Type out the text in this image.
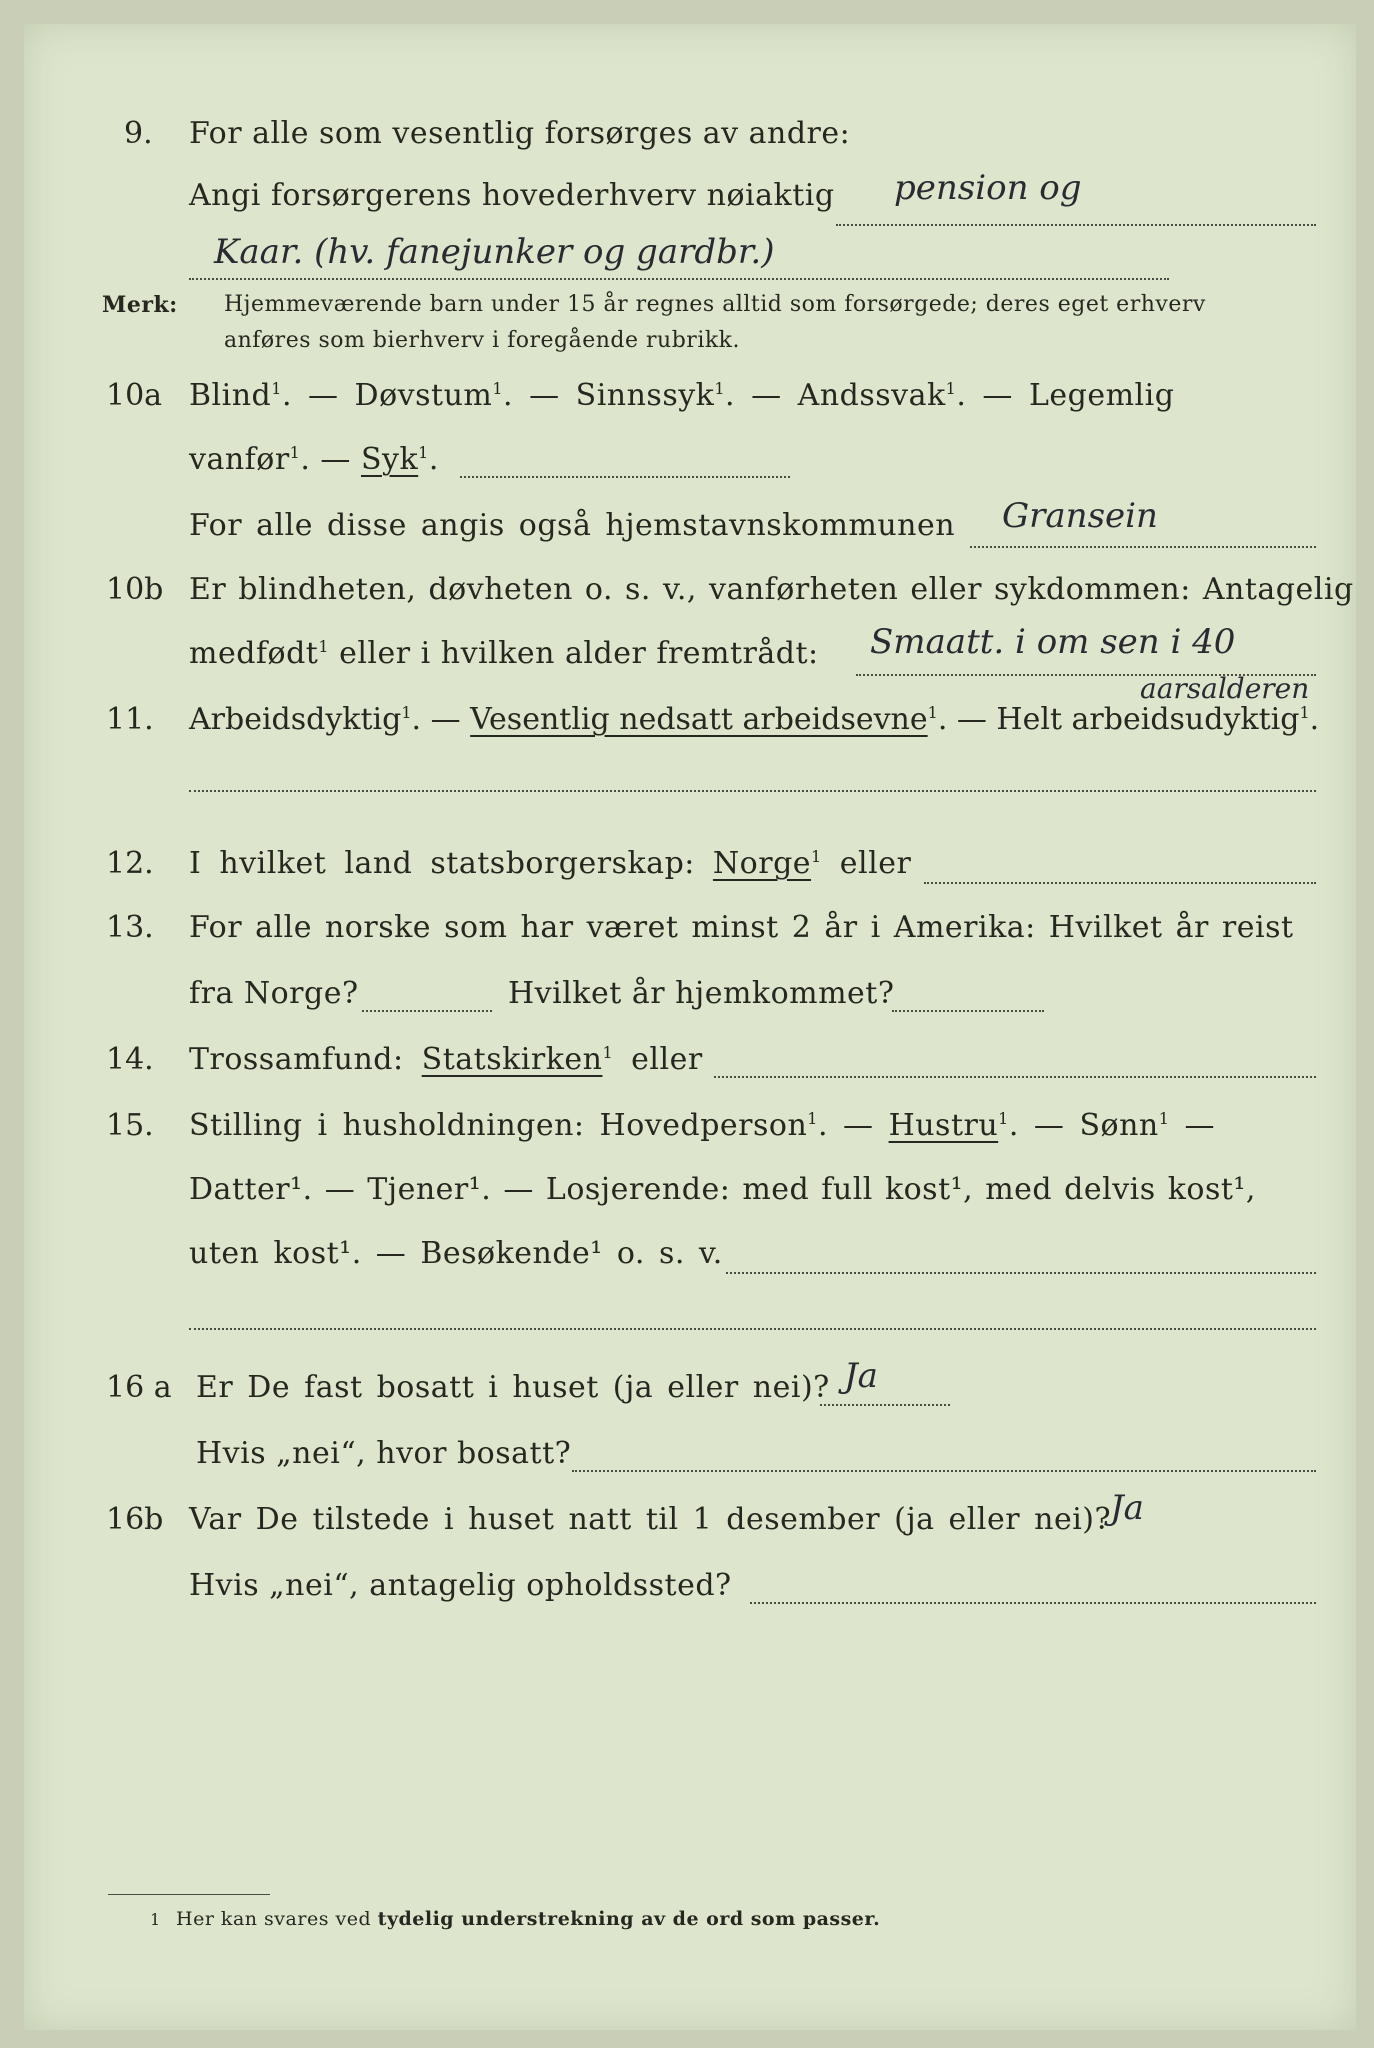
9. For alle som vesentlig forsørges av andre:
Angi forsørgerens hovederhverv nøiaktig pension og
Kaar. (hv. fanejunker og gardbr.)
Merk: Hjemmeværende barn under 15 år regnes alltid som forsørgede; deres eget erhverv
anføres som bierhverv i foregående rubrikk.
10a Blind$^1$. — Døvstum$^1$. — Sinnssyk$^1$. — Andssvak$^1$. — Legemlig
vanfør$^1$. — Syk$^1$.
For alle disse angis også hjemstavnskommunen Gransein
10b Er blindheten, døvheten o. s. v., vanførheten eller sykdommen: Antagelig
medfødt$^1$ eller i hvilken alder fremtrådt: Smaatt. i om sen i 40
aarsalderen
11. Arbeidsdyktig$^1$. — Vesentlig nedsatt arbeidsevne$^1$. — Helt arbeidsudyktig$^1$.
12. I hvilket land statsborgerskap: Norge$^1$ eller
13. For alle norske som har været minst 2 år i Amerika: Hvilket år reist
fra Norge?	Hvilket år hjemkommet?
14. Trossamfund: Statskirken$^1$ eller
15. Stilling i husholdningen: Hovedperson$^1$. — Hustru$^1$. — Sønn$^1$ —
Datter¹. — Tjener¹. — Losjerende: med full kost¹, med delvis kost¹,
uten kost¹. — Besøkende¹ o. s. v.
16 a Er De fast bosatt i huset (ja eller nei)? Ja
Hvis „nei“, hvor bosatt?
16b Var De tilstede i huset natt til 1 desember (ja eller nei)?
Ja
Hvis „nei“, antagelig opholdssted?
1 Her kan svares ved tydelig understrekning av de ord som passer.
